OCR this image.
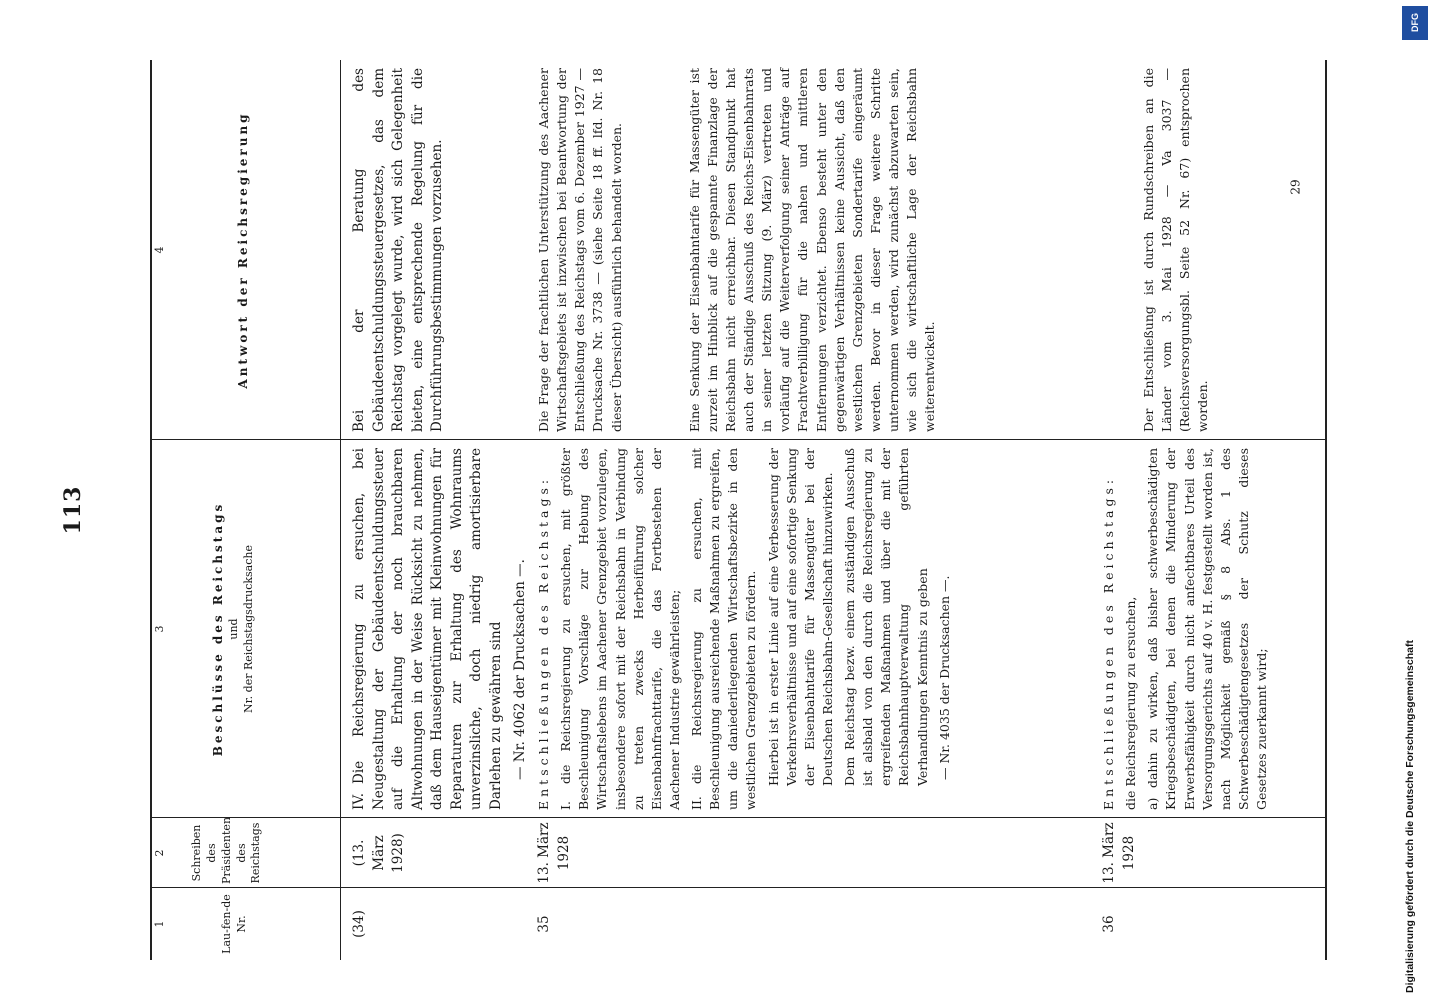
113
1
2
3
4
Lau-fen-de Nr.
Schreiben des Präsidenten des Reichstags
Beschlüsse des Reichstags und Nr. der Reichstagsdrucksache
Antwort der Reichsregierung
(34)
(13. März 1928)

IV.Die Reichsregierung zu ersuchen, bei Neugestaltung der Gebäudeentschuldungssteuer auf die Erhaltung der noch brauchbaren Altwohnungen in der Weise Rücksicht zu nehmen, daß dem Hauseigentümer mit Kleinwohnungen für Reparaturen zur Erhaltung des Wohnraums unverzinsliche, doch niedrig amortisierbare Darlehen zu gewähren sind — Nr. 4062 der Drucksachen —.

Bei der Beratung des Gebäudeentschuldungssteuergesetzes, das dem Reichstag vorgelegt wurde, wird sich Gelegenheit bieten, eine entsprechende Regelung für die Durchführungsbestimmungen vorzusehen.
35
13. März 1928

Entschließungen des Reichstags: I.die Reichsregierung zu ersuchen, mit größter Beschleunigung Vorschläge zur Hebung des Wirtschaftslebens im Aachener Grenzgebiet vorzulegen, insbesondere sofort mit der Reichsbahn in Verbindung zu treten zwecks Herbeiführung solcher Eisenbahnfrachttarife, die das Fortbestehen der Aachener Industrie gewährleisten; II.die Reichsregierung zu ersuchen, mit Beschleunigung ausreichende Maßnahmen zu ergreifen, um die daniederliegenden Wirtschaftsbezirke in den westlichen Grenzgebieten zu fördern. Hierbei ist in erster Linie auf eine Verbesserung der Verkehrsverhältnisse und auf eine sofortige Senkung der Eisenbahntarife für Massengüter bei der Deutschen Reichsbahn-Gesellschaft hinzuwirken. Dem Reichstag bezw. einem zuständigen Ausschuß ist alsbald von den durch die Reichsregierung zu ergreifenden Maßnahmen und über die mit der Reichsbahnhauptverwaltung geführten Verhandlungen Kenntnis zu geben — Nr. 4035 der Drucksachen —.

Die Frage der frachtlichen Unterstützung des Aachener Wirtschaftsgebiets ist inzwischen bei Beantwortung der Entschließung des Reichstags vom 6. Dezember 1927 — Drucksache Nr. 3738 — (siehe Seite 18 ff. lfd. Nr. 18 dieser Übersicht) ausführlich behandelt worden.	Eine Senkung der Eisenbahntarife für Massengüter ist zurzeit im Hinblick auf die gespannte Finanzlage der Reichsbahn nicht erreichbar. Diesen Standpunkt hat auch der Ständige Ausschuß des Reichs-Eisenbahnrats in seiner letzten Sitzung (9. März) vertreten und vorläufig auf die Weiterverfolgung seiner Anträge auf Frachtverbilligung für die nahen und mittleren Entfernungen verzichtet. Ebenso besteht unter den gegenwärtigen Verhältnissen keine Aussicht, daß den westlichen Grenzgebieten Sondertarife eingeräumt werden. Bevor in dieser Frage weitere Schritte unternommen werden, wird zunächst abzuwarten sein, wie sich die wirtschaftliche Lage der Reichsbahn weiterentwickelt.

36
13. März 1928

Entschließungen des Reichstags: die Reichsregierung zu ersuchen, a) dahin zu wirken, daß bisher schwerbeschädigten Kriegsbeschädigten, bei denen die Minderung der Erwerbsfähigkeit durch nicht anfechtbares Urteil des Versorgungsgerichts auf 40 v. H. festgestellt worden ist, nach Möglichkeit gemäß § 8 Abs. 1 des Schwerbeschädigtengesetzes der Schutz dieses Gesetzes zuerkannt wird;

Der Entschließung ist durch Rundschreiben an die Länder vom 3. Mai 1928 — Va 3037 — (Reichsversorgungsbl. Seite 52 Nr. 67) entsprochen worden.
29
DFG
Digitalisierung gefördert durch die Deutsche Forschungsgemeinschaft
